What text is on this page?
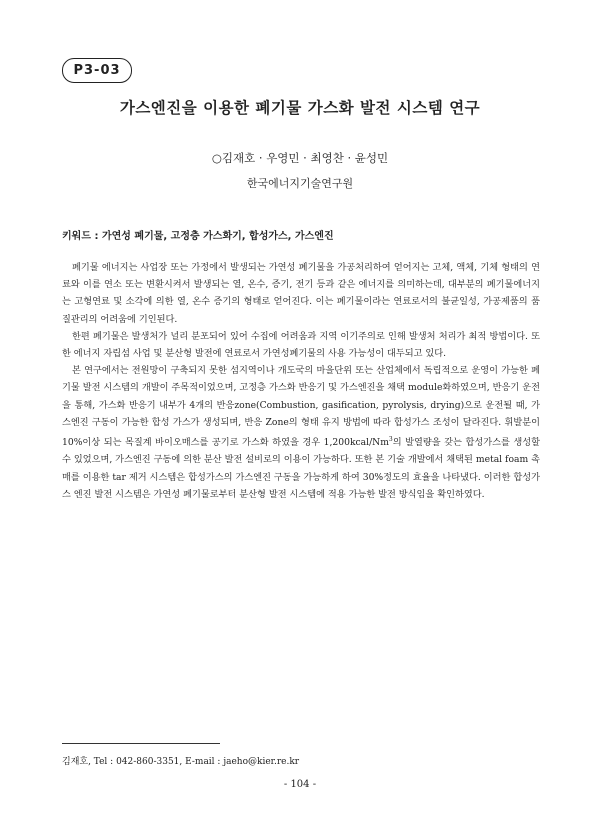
P3-03
가스엔진을 이용한 폐기물 가스화 발전 시스템 연구
○김재호 · 우영민 · 최영찬 · 윤성민
한국에너지기술연구원
키워드 : 가연성 폐기물, 고정층 가스화기, 합성가스, 가스엔진

폐기물 에너지는 사업장 또는 가정에서 발생되는 가연성 폐기물을 가공처리하여 얻어지는 고체, 액체, 기체 형태의 연료와 이를 연소 또는 변환시켜서 발생되는 열, 온수, 증기, 전기 등과 같은 에너지를 의미하는데, 대부분의 폐기물에너지는 고형연료 및 소각에 의한 열, 온수 증기의 형태로 얻어진다. 이는 폐기물이라는 연료로서의 불균일성, 가공제품의 품질관리의 어려움에 기인된다.

한편 폐기물은 발생처가 널리 분포되어 있어 수집에 어려움과 지역 이기주의로 인해 발생처 처리가 최적 방법이다. 또한 에너지 자립섬 사업 및 분산형 발전에 연료로서 가연성폐기물의 사용 가능성이 대두되고 있다.

본 연구에서는 전원망이 구축되지 못한 섬지역이나 개도국의 마을단위 또는 산업체에서 독립적으로 운영이 가능한 폐기물 발전 시스템의 개발이 주목적이었으며, 고정층 가스화 반응기 및 가스엔진을 채택 module화하였으며, 반응기 운전을 통해, 가스화 반응기 내부가 4개의 반응zone(Combustion, gasification, pyrolysis, drying)으로 운전될 때, 가스엔진 구동이 가능한 합성 가스가 생성되며, 반응 Zone의 형태 유지 방법에 따라 합성가스 조성이 달라진다. 휘발분이 10%이상 되는 목질계 바이오매스를 공기로 가스화 하였을 경우 1,200kcal/Nm$^3$의 발열량을 갖는 합성가스를 생성할 수 있었으며, 가스엔진 구동에 의한 분산 발전 설비로의 이용이 가능하다. 또한 본 기술 개발에서 채택된 metal foam 촉매를 이용한 tar 제거 시스템은 합성가스의 가스엔진 구동을 가능하게 하여 30%정도의 효율을 나타냈다. 이러한 합성가스 엔진 발전 시스템은 가연성 폐기물로부터 분산형 발전 시스템에 적용 가능한 발전 방식임을 확인하였다.

김재호, Tel : 042-860-3351, E-mail : jaeho@kier.re.kr
- 104 -
